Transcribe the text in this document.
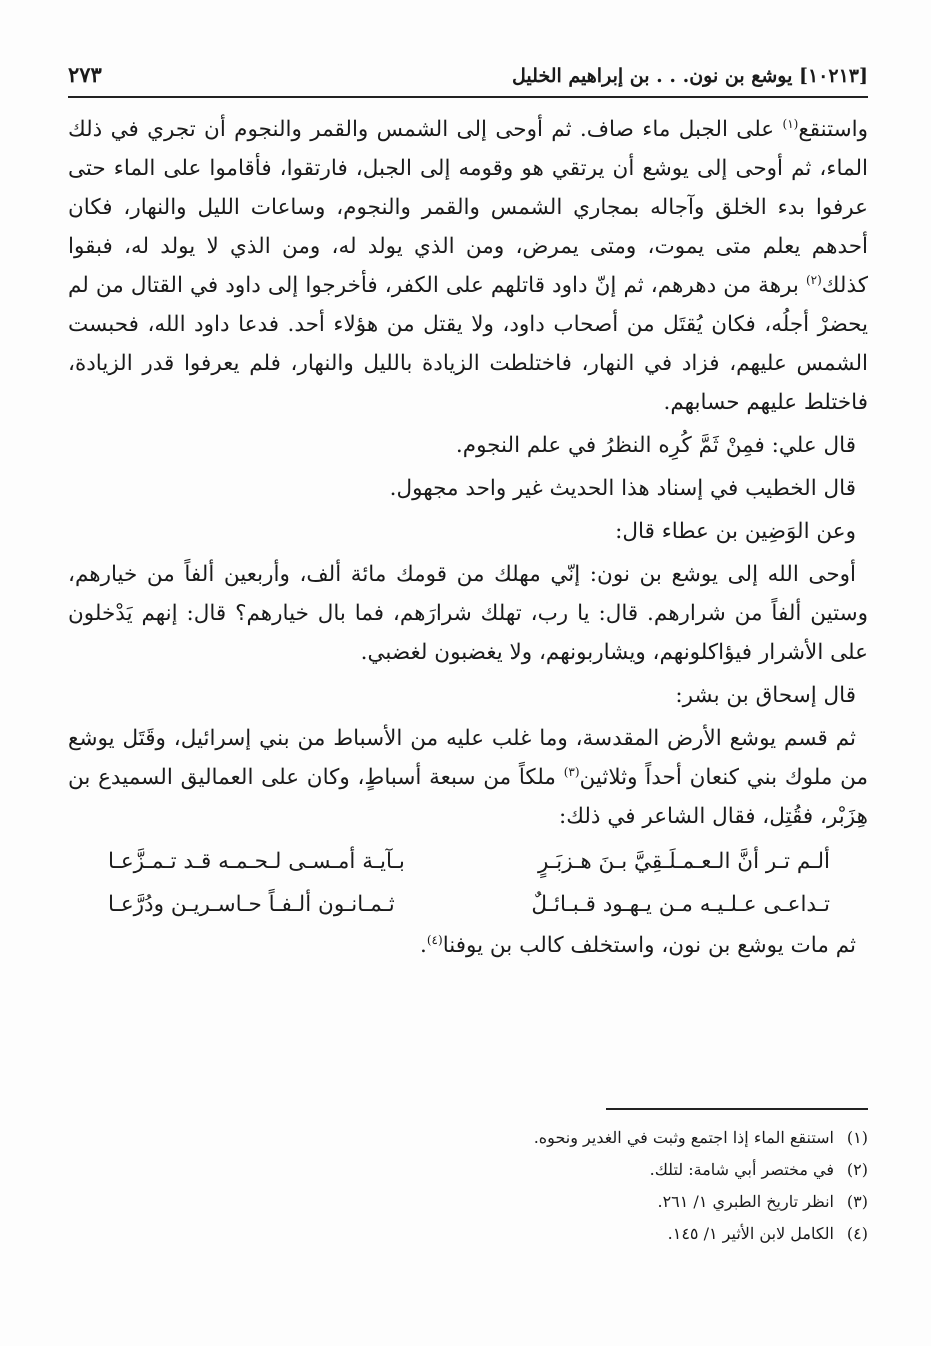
[١٠٢١٣] يوشع بن نون. . . بن إبراهيم الخليل
٢٧٣

واستنقع$^{(١)}$ على الجبل ماء صاف. ثم أوحى إلى الشمس والقمر والنجوم أن تجري في ذلك الماء، ثم أوحى إلى يوشع أن يرتقي هو وقومه إلى الجبل، فارتقوا، فأقاموا على الماء حتى عرفوا بدء الخلق وآجاله بمجاري الشمس والقمر والنجوم، وساعات الليل والنهار، فكان أحدهم يعلم متى يموت، ومتى يمرض، ومن الذي يولد له، ومن الذي لا يولد له، فبقوا كذلك$^{(٢)}$ برهة من دهرهم، ثم إنّ داود قاتلهم على الكفر، فأخرجوا إلى داود في القتال من لم يحضرْ أجلُه، فكان يُقتَل من أصحاب داود، ولا يقتل من هؤلاء أحد. فدعا داود الله، فحبست الشمس عليهم، فزاد في النهار، فاختلطت الزيادة بالليل والنهار، فلم يعرفوا قدر الزيادة، فاختلط عليهم حسابهم.

قال علي: فمِنْ ثَمَّ كُرِه النظرُ في علم النجوم.

قال الخطيب في إسناد هذا الحديث غير واحد مجهول.

وعن الوَضِين بن عطاء قال:

أوحى الله إلى يوشع بن نون: إنّي مهلك من قومك مائة ألف، وأربعين ألفاً من خيارهم، وستين ألفاً من شرارهم. قال: يا رب، تهلك شرارَهم، فما بال خيارهم؟ قال: إنهم يَدْخلون على الأشرار فيؤاكلونهم، ويشاربونهم، ولا يغضبون لغضبي.

قال إسحاق بن بشر:

ثم قسم يوشع الأرض المقدسة، وما غلب عليه من الأسباط من بني إسرائيل، وقَتَل يوشع من ملوك بني كنعان أحداً وثلاثين$^{(٣)}$ ملكاً من سبعة أسباطٍ، وكان على العماليق السميدع بن هِزَبْر، فقُتِل، فقال الشاعر في ذلك:

ألـم تـر أنَّ الـعـمـلَـقِيَّ بـنَ هـزبَـرٍ
بـآيـة أمـسـى لـحـمـه قـد تـمـزَّعـا
تـداعـى عـلـيـه مـن يـهـود قـبـائـلٌ
ثـمـانـون ألـفـاً حـاسـريـن ودُرَّعـا

ثم مات يوشع بن نون، واستخلف كالب بن يوفنا$^{(٤)}$.

(١)
استنقع الماء إذا اجتمع وثبت في الغدير ونحوه.
(٢)
في مختصر أبي شامة: لتلك.
(٣)
انظر تاريخ الطبري ١/ ٢٦١.
(٤)
الكامل لابن الأثير ١/ ١٤٥.
